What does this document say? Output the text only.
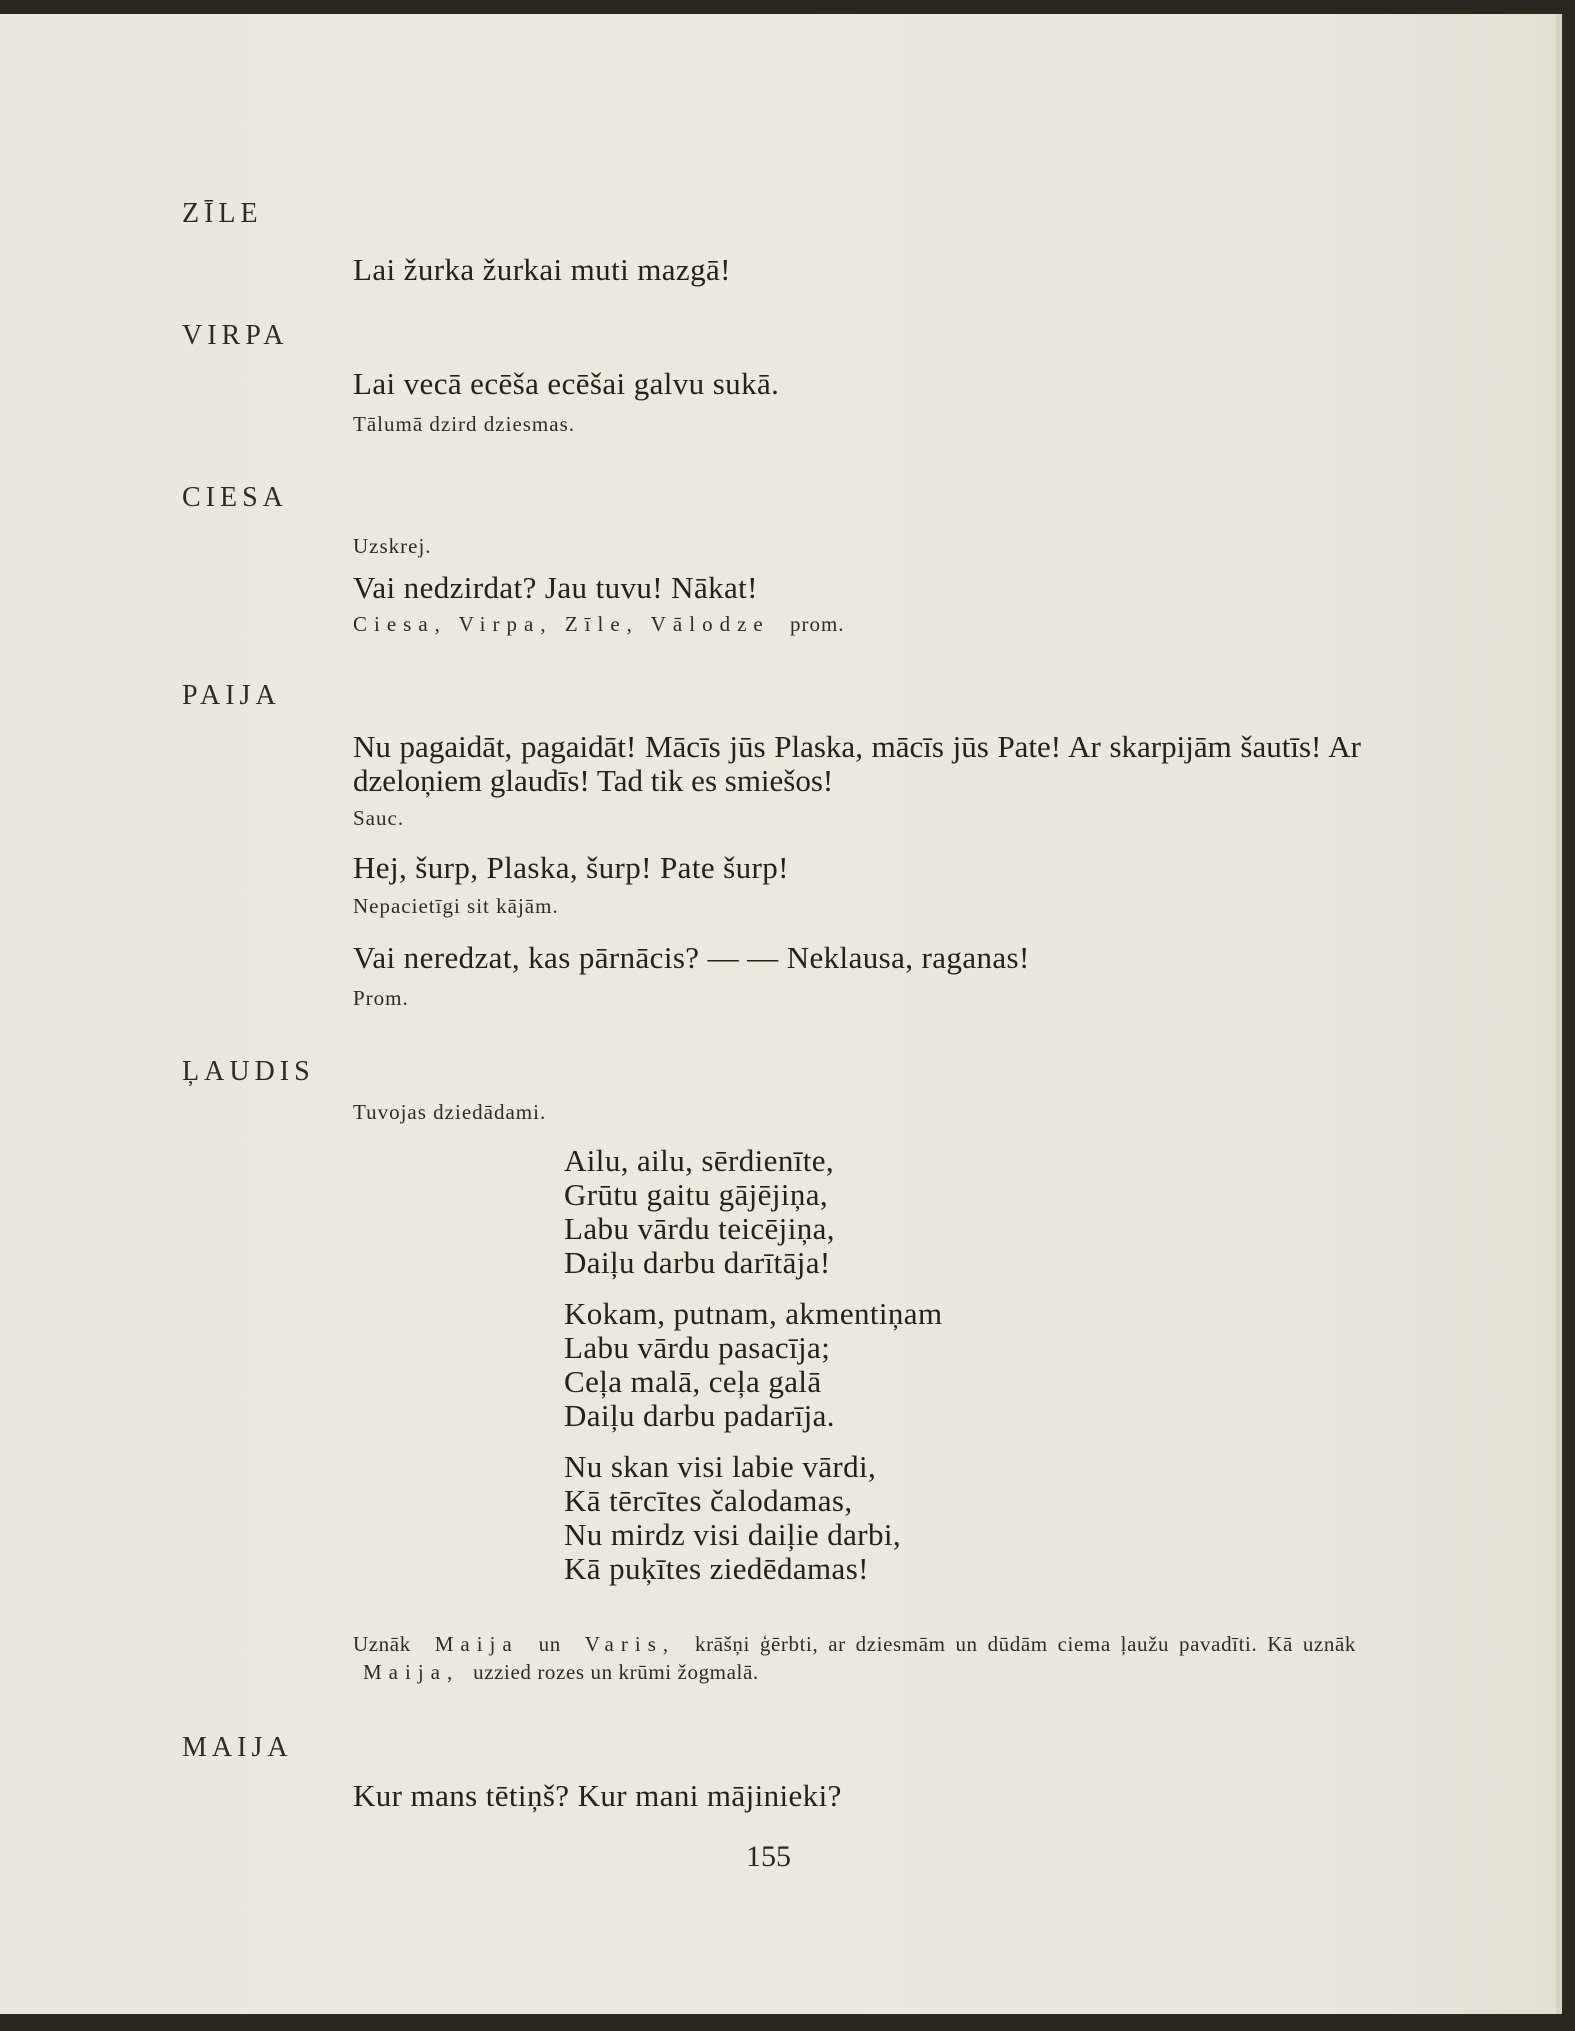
ZĪLE
Lai žurka žurkai muti mazgā!
VIRPA
Lai vecā ecēša ecēšai galvu sukā.
Tālumā dzird dziesmas.
CIESA
Uzskrej.
Vai nedzirdat? Jau tuvu! Nākat!
Ciesa, Virpa, Zīle, Vālodze prom.
PAIJA
Nu pagaidāt, pagaidāt! Mācīs jūs Plaska, mācīs jūs Pate! Ar skarpijām šautīs! Ar dzeloņiem glaudīs! Tad tik es smiešos!
Sauc.
Hej, šurp, Plaska, šurp! Pate šurp!
Nepacietīgi sit kājām.
Vai neredzat, kas pārnācis? — — Neklausa, raganas!
Prom.
ĻAUDIS
Tuvojas dziedādami.
Ailu, ailu, sērdienīte,
Grūtu gaitu gājējiņa,
Labu vārdu teicējiņa,
Daiļu darbu darītāja!
Kokam, putnam, akmentiņam
Labu vārdu pasacīja;
Ceļa malā, ceļa galā
Daiļu darbu padarīja.
Nu skan visi labie vārdi,
Kā tērcītes čalodamas,
Nu mirdz visi daiļie darbi,
Kā puķītes ziedēdamas!
Uznāk Maija un Varis, krāšņi ģērbti, ar dziesmām un dūdām ciema ļaužu pavadīti. Kā uznāk Maija, uzzied rozes un krūmi žogmalā.
MAIJA
Kur mans tētiņš? Kur mani mājinieki?
155
